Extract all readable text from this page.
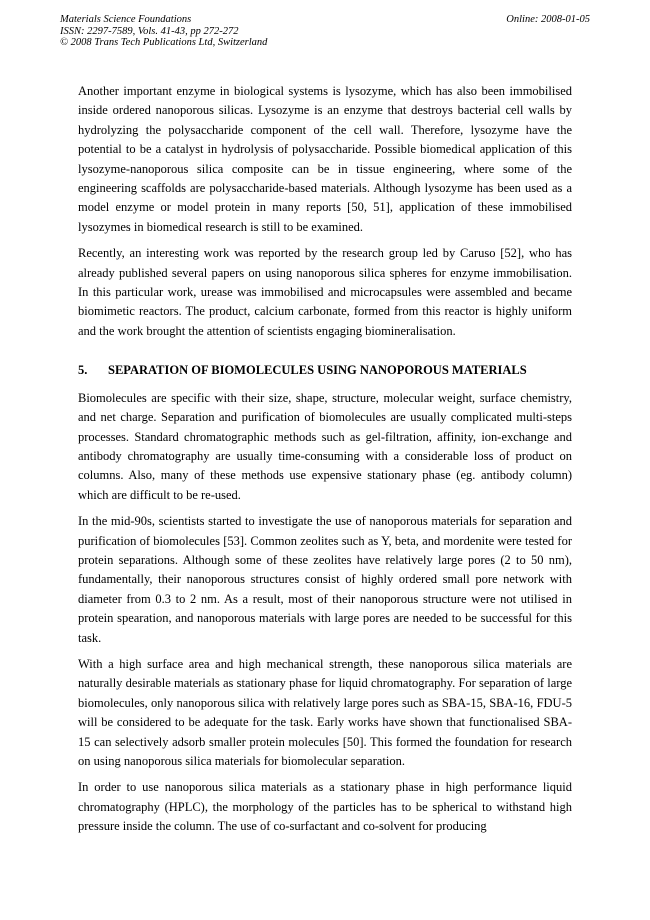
Materials Science Foundations
ISSN: 2297-7589, Vols. 41-43, pp 272-272
© 2008 Trans Tech Publications Ltd, Switzerland
Online: 2008-01-05

Another important enzyme in biological systems is lysozyme, which has also been immobilised inside ordered nanoporous silicas. Lysozyme is an enzyme that destroys bacterial cell walls by hydrolyzing the polysaccharide component of the cell wall. Therefore, lysozyme have the potential to be a catalyst in hydrolysis of polysaccharide. Possible biomedical application of this lysozyme-nanoporous silica composite can be in tissue engineering, where some of the engineering scaffolds are polysaccharide-based materials. Although lysozyme has been used as a model enzyme or model protein in many reports [50, 51], application of these immobilised lysozymes in biomedical research is still to be examined.

Recently, an interesting work was reported by the research group led by Caruso [52], who has already published several papers on using nanoporous silica spheres for enzyme immobilisation. In this particular work, urease was immobilised and microcapsules were assembled and became biomimetic reactors. The product, calcium carbonate, formed from this reactor is highly uniform and the work brought the attention of scientists engaging biomineralisation.

5.	SEPARATION OF BIOMOLECULES USING NANOPOROUS MATERIALS

Biomolecules are specific with their size, shape, structure, molecular weight, surface chemistry, and net charge. Separation and purification of biomolecules are usually complicated multi-steps processes. Standard chromatographic methods such as gel-filtration, affinity, ion-exchange and antibody chromatography are usually time-consuming with a considerable loss of product on columns. Also, many of these methods use expensive stationary phase (eg. antibody column) which are difficult to be re-used.

In the mid-90s, scientists started to investigate the use of nanoporous materials for separation and purification of biomolecules [53]. Common zeolites such as Y, beta, and mordenite were tested for protein separations. Although some of these zeolites have relatively large pores (2 to 50 nm), fundamentally, their nanoporous structures consist of highly ordered small pore network with diameter from 0.3 to 2 nm. As a result, most of their nanoporous structure were not utilised in protein spearation, and nanoporous materials with large pores are needed to be successful for this task.

With a high surface area and high mechanical strength, these nanoporous silica materials are naturally desirable materials as stationary phase for liquid chromatography. For separation of large biomolecules, only nanoporous silica with relatively large pores such as SBA-15, SBA-16, FDU-5 will be considered to be adequate for the task. Early works have shown that functionalised SBA-15 can selectively adsorb smaller protein molecules [50]. This formed the foundation for research on using nanoporous silica materials for biomolecular separation.

In order to use nanoporous silica materials as a stationary phase in high performance liquid chromatography (HPLC), the morphology of the particles has to be spherical to withstand high pressure inside the column. The use of co-surfactant and co-solvent for producing
